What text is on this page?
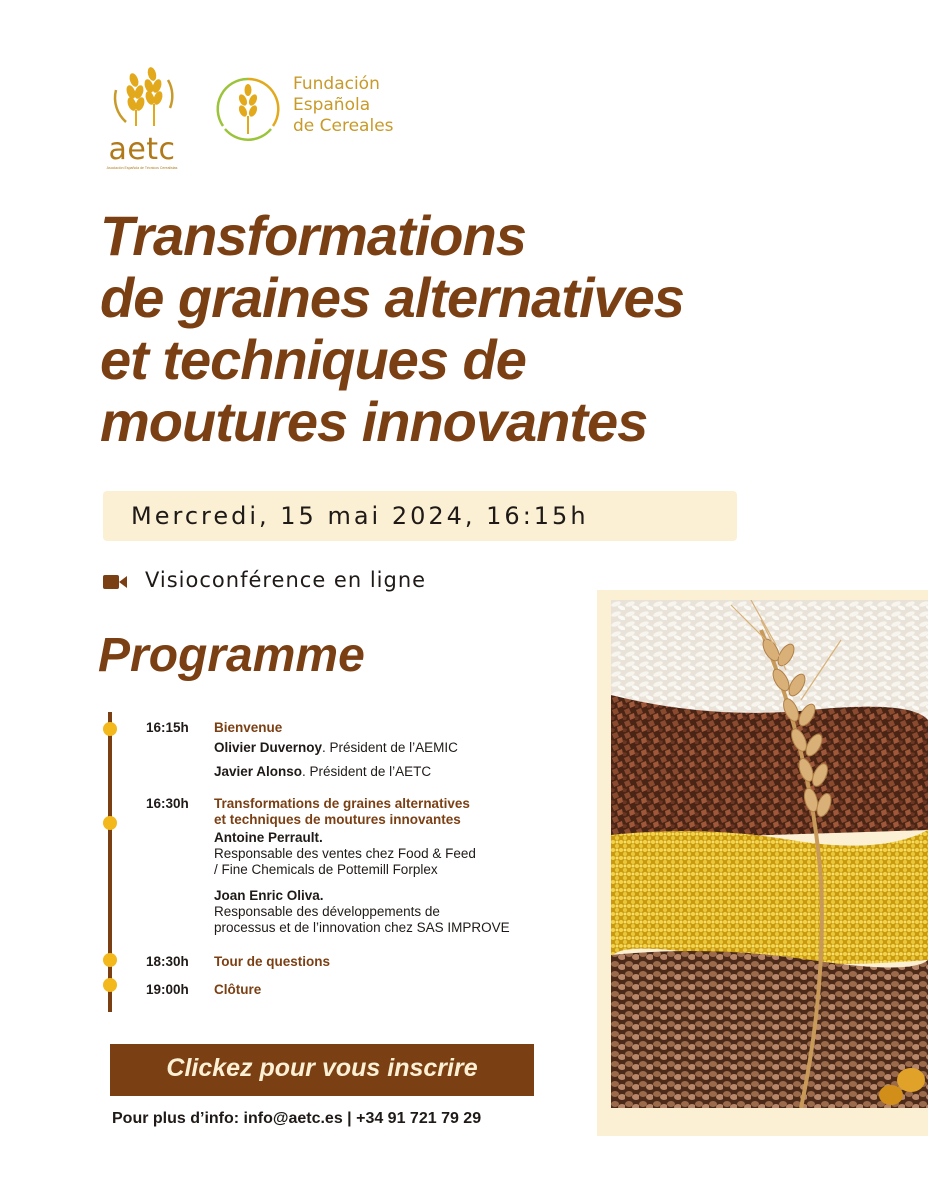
aetc
Asociación Española de Técnicos Cerealistas
Fundación
Española
de Cereales
Transformations
de graines alternatives
et techniques de
moutures innovantes
Mercredi, 15 mai 2024, 16:15h
Visioconférence en ligne
Programme
16:15h Bienvenue
Olivier Duvernoy. Président de l’AEMIC
Javier Alonso. Président de l’AETC
16:30h Transformations de graines alternatives
et techniques de moutures innovantes
Antoine Perrault.
Responsable des ventes chez Food & Feed
/ Fine Chemicals de Pottemill Forplex
Joan Enric Oliva.
Responsable des développements de
processus et de l’innovation chez SAS IMPROVE
18:30h Tour de questions
19:00h Clôture
Clickez pour vous inscrire
Pour plus d’info: info@aetc.es | +34 91 721 79 29
